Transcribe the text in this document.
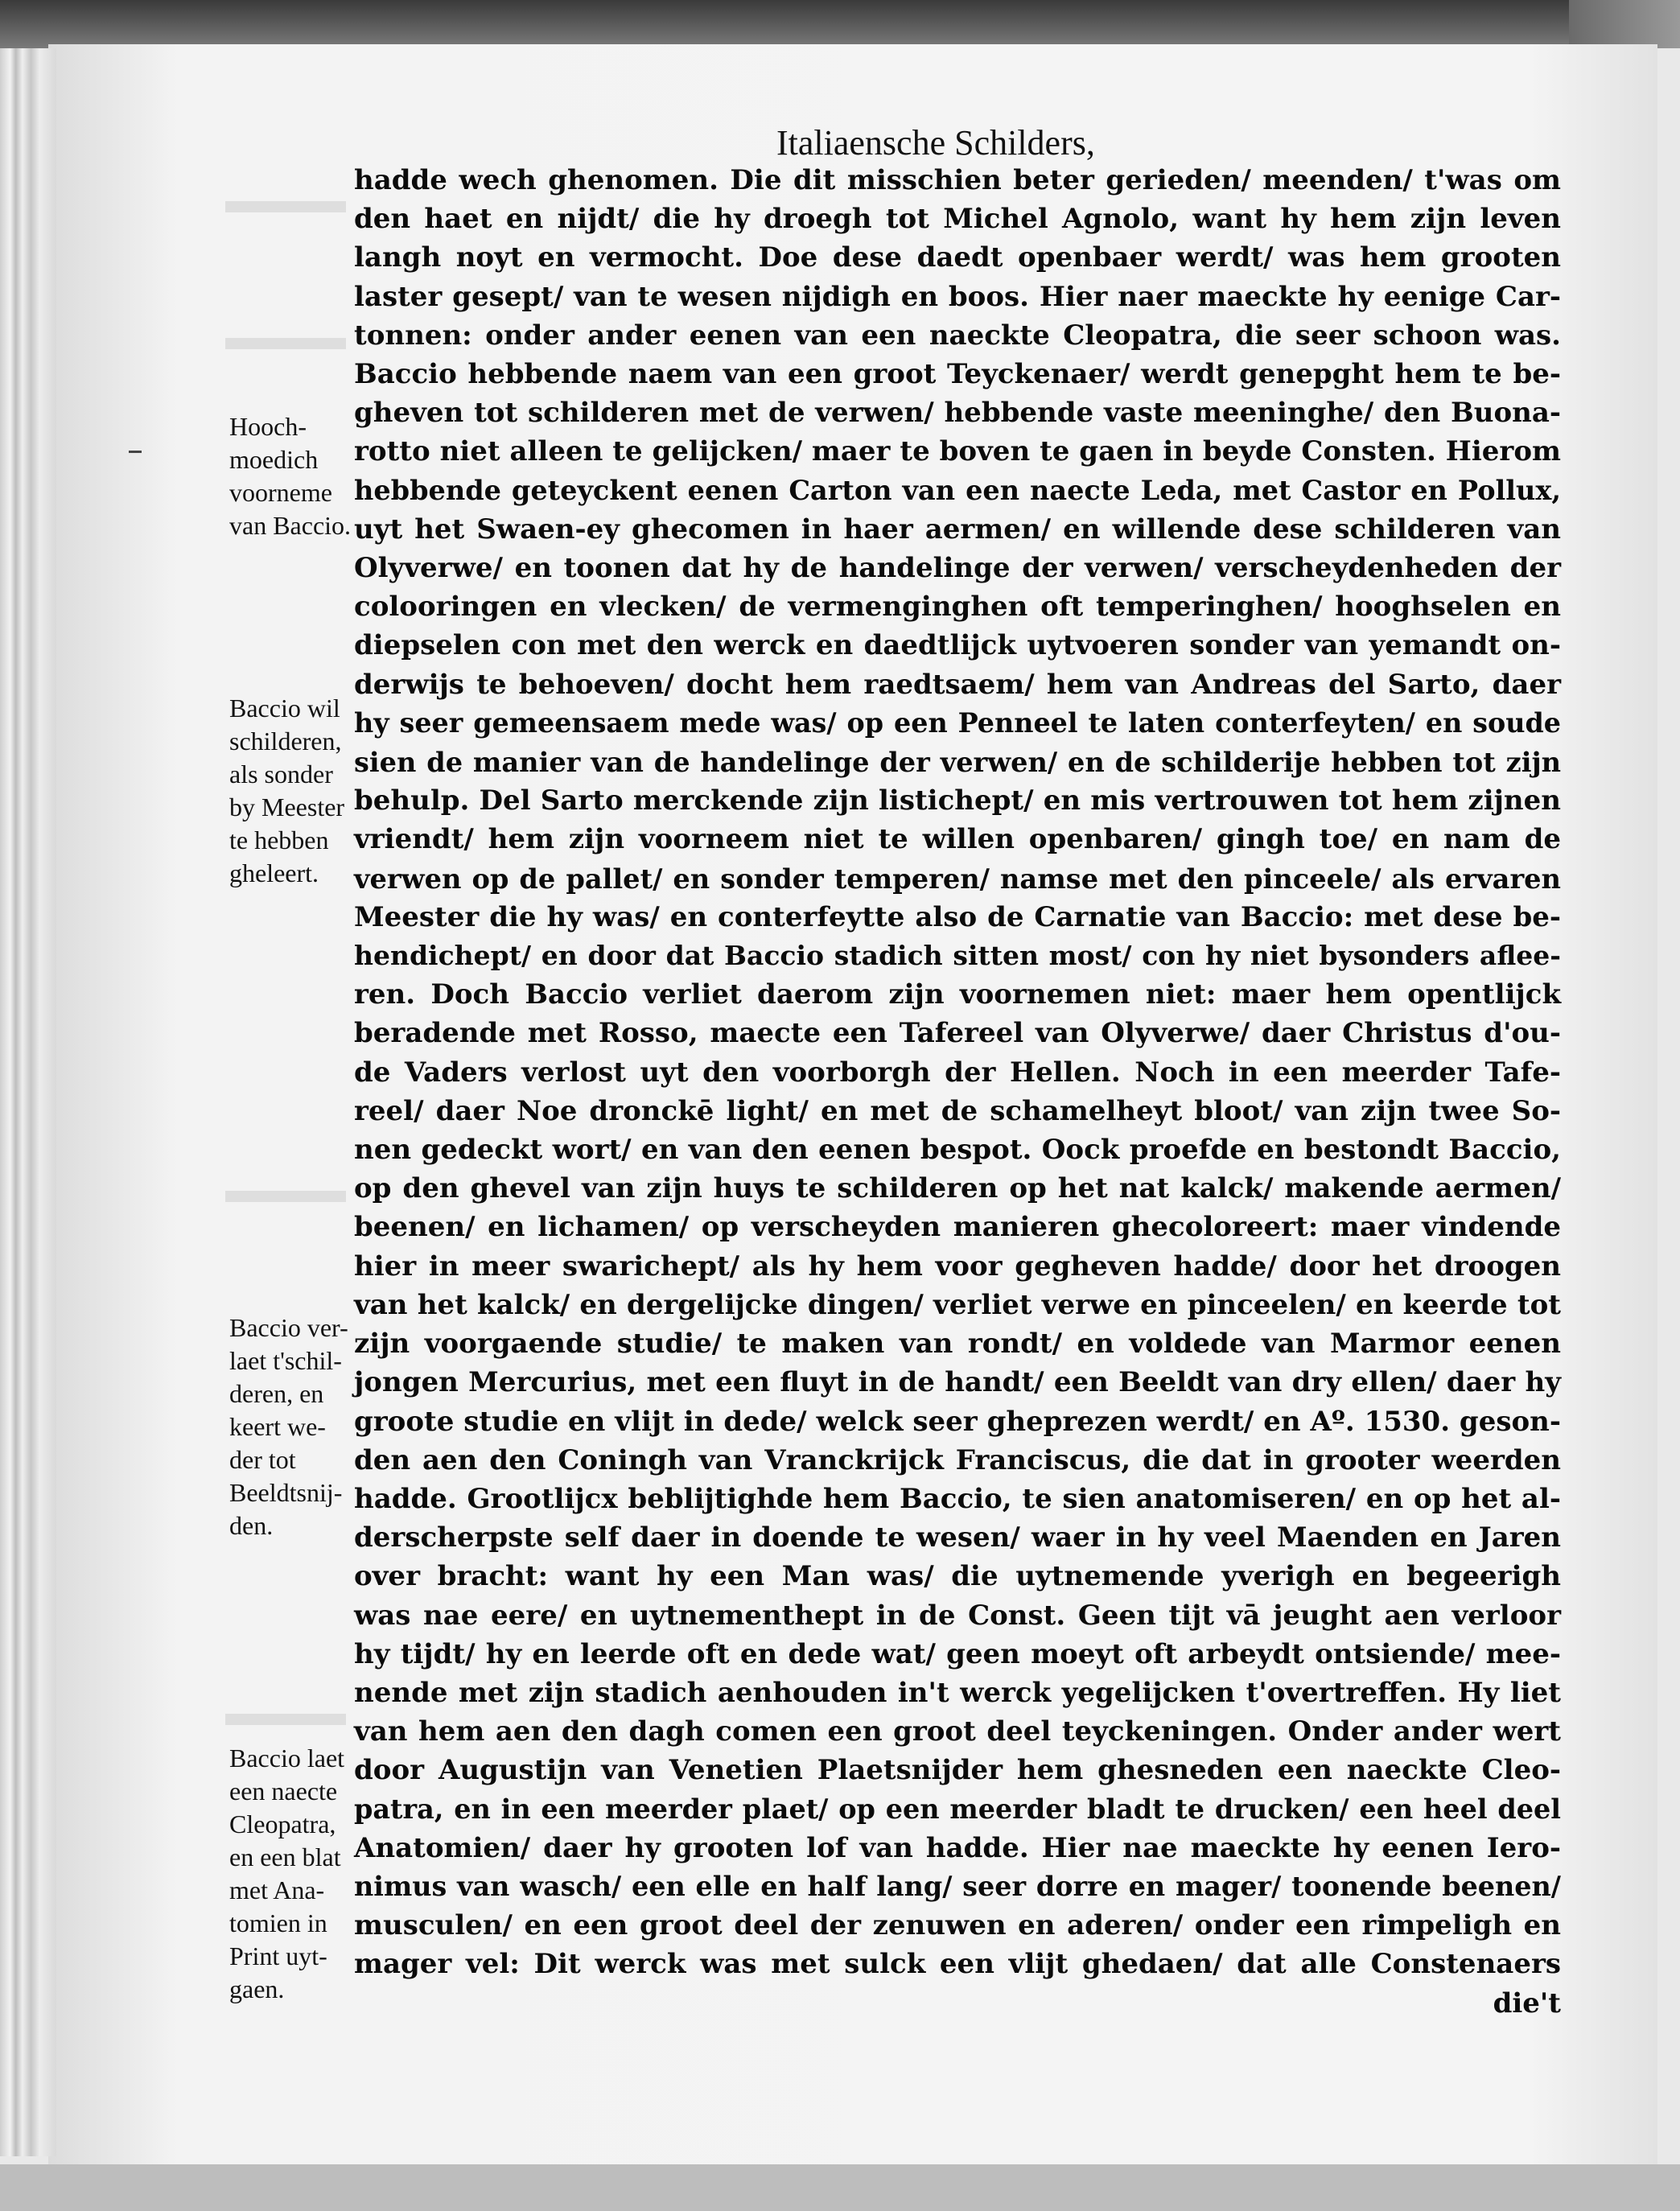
Italiaensche Schilders,
hadde wech ghenomen. Die dit misschien beter gerieden/ meenden/ t'was om
den haet en nijdt/ die hy droegh tot Michel Agnolo, want hy hem zijn leven
langh noyt en vermocht. Doe dese daedt openbaer werdt/ was hem grooten
laster gesept/ van te wesen nijdigh en boos. Hier naer maeckte hy eenige Car-
tonnen: onder ander eenen van een naeckte Cleopatra, die seer schoon was.
Baccio hebbende naem van een groot Teyckenaer/ werdt genepght hem te be-
gheven tot schilderen met de verwen/ hebbende vaste meeninghe/ den Buona-
rotto niet alleen te gelijcken/ maer te boven te gaen in beyde Consten. Hierom
hebbende geteyckent eenen Carton van een naecte Leda, met Castor en Pollux,
uyt het Swaen-ey ghecomen in haer aermen/ en willende dese schilderen van
Olyverwe/ en toonen dat hy de handelinge der verwen/ verscheydenheden der
colooringen en vlecken/ de vermenginghen oft temperinghen/ hooghselen en
diepselen con met den werck en daedtlijck uytvoeren sonder van yemandt on-
derwijs te behoeven/ docht hem raedtsaem/ hem van Andreas del Sarto, daer
hy seer gemeensaem mede was/ op een Penneel te laten conterfeyten/ en soude
sien de manier van de handelinge der verwen/ en de schilderije hebben tot zijn
behulp. Del Sarto merckende zijn listichept/ en mis vertrouwen tot hem zijnen
vriendt/ hem zijn voorneem niet te willen openbaren/ gingh toe/ en nam de
verwen op de pallet/ en sonder temperen/ namse met den pinceele/ als ervaren
Meester die hy was/ en conterfeytte also de Carnatie van Baccio: met dese be-
hendichept/ en door dat Baccio stadich sitten most/ con hy niet bysonders aflee-
ren. Doch Baccio verliet daerom zijn voornemen niet: maer hem opentlijck
beradende met Rosso, maecte een Tafereel van Olyverwe/ daer Christus d'ou-
de Vaders verlost uyt den voorborgh der Hellen. Noch in een meerder Tafe-
reel/ daer Noe dronckē light/ en met de schamelheyt bloot/ van zijn twee So-
nen gedeckt wort/ en van den eenen bespot. Oock proefde en bestondt Baccio,
op den ghevel van zijn huys te schilderen op het nat kalck/ makende aermen/
beenen/ en lichamen/ op verscheyden manieren ghecoloreert: maer vindende
hier in meer swarichept/ als hy hem voor gegheven hadde/ door het droogen
van het kalck/ en dergelijcke dingen/ verliet verwe en pinceelen/ en keerde tot
zijn voorgaende studie/ te maken van rondt/ en voldede van Marmor eenen
jongen Mercurius, met een fluyt in de handt/ een Beeldt van dry ellen/ daer hy
groote studie en vlijt in dede/ welck seer gheprezen werdt/ en Aº. 1530. geson-
den aen den Coningh van Vranckrijck Franciscus, die dat in grooter weerden
hadde. Grootlijcx beblijtighde hem Baccio, te sien anatomiseren/ en op het al-
derscherpste self daer in doende te wesen/ waer in hy veel Maenden en Jaren
over bracht: want hy een Man was/ die uytnemende yverigh en begeerigh
was nae eere/ en uytnementhept in de Const. Geen tijt vā jeught aen verloor
hy tijdt/ hy en leerde oft en dede wat/ geen moeyt oft arbeydt ontsiende/ mee-
nende met zijn stadich aenhouden in't werck yegelijcken t'overtreffen. Hy liet
van hem aen den dagh comen een groot deel teyckeningen. Onder ander wert
door Augustijn van Venetien Plaetsnijder hem ghesneden een naeckte Cleo-
patra, en in een meerder plaet/ op een meerder bladt te drucken/ een heel deel
Anatomien/ daer hy grooten lof van hadde. Hier nae maeckte hy eenen Iero-
nimus van wasch/ een elle en half lang/ seer dorre en mager/ toonende beenen/
musculen/ en een groot deel der zenuwen en aderen/ onder een rimpeligh en
mager vel: Dit werck was met sulck een vlijt ghedaen/ dat alle Constenaers
die't
Hooch-
moedich
voorneme
van Baccio.
Baccio wil
schilderen,
als sonder
by Meester
te hebben
gheleert.
Baccio ver-
laet t'schil-
deren, en
keert we-
der tot
Beeldtsnij-
den.
Baccio laet
een naecte
Cleopatra,
en een blat
met Ana-
tomien in
Print uyt-
gaen.
